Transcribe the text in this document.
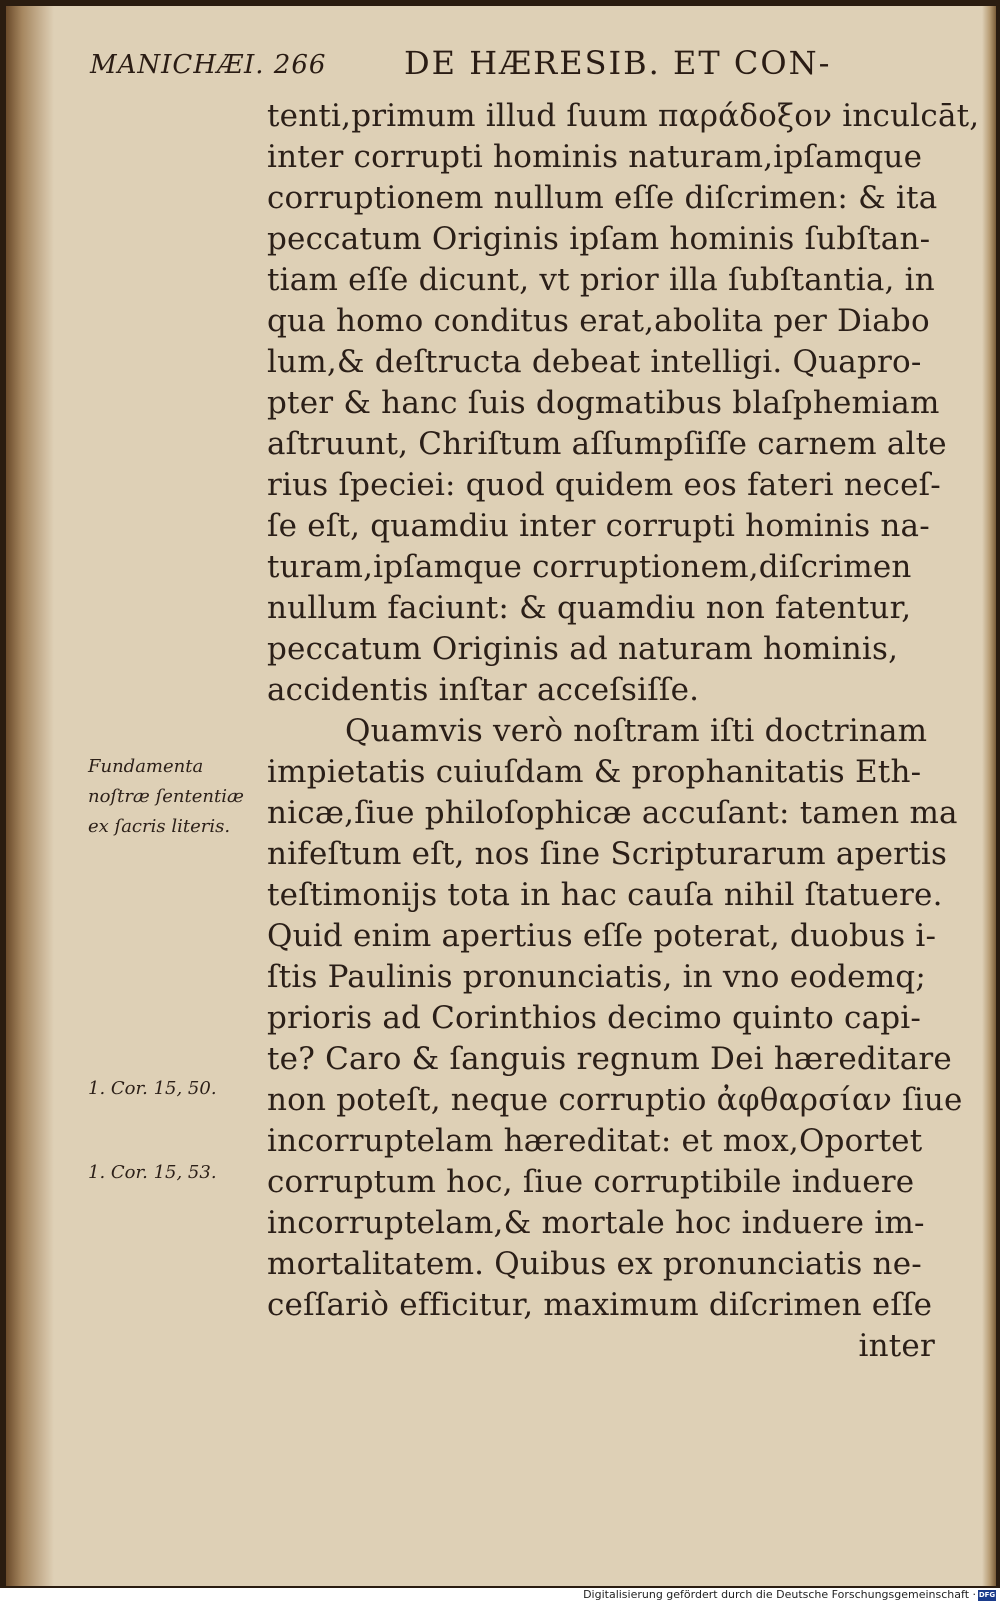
MANICHÆI. 266 DE HÆRESIB. ET CON-
tenti,primum illud ſuum παράδοξον inculcāt,
inter corrupti hominis naturam,ipſamque
corruptionem nullum eſſe diſcrimen: & ita
peccatum Originis ipſam hominis ſubſtan-
tiam eſſe dicunt, vt prior illa ſubſtantia, in
qua homo conditus erat,abolita per Diabo
lum,& deſtructa debeat intelligi. Quapro-
pter & hanc ſuis dogmatibus blaſphemiam
aſtruunt, Chriſtum aſſumpſiſſe carnem alte
rius ſpeciei: quod quidem eos fateri neceſ-
ſe eſt, quamdiu inter corrupti hominis na-
turam,ipſamque corruptionem,diſcrimen
nullum faciunt: & quamdiu non fatentur,
peccatum Originis ad naturam hominis,
accidentis inſtar acceſsiſſe.
Quamvis verò noſtram iſti doctrinam
impietatis cuiuſdam & prophanitatis Eth-
nicæ,ſiue philoſophicæ accuſant: tamen ma
nifeſtum eſt, nos ſine Scripturarum apertis
teſtimonijs tota in hac cauſa nihil ſtatuere.
Quid enim apertius eſſe poterat, duobus i-
ſtis Paulinis pronunciatis, in vno eodemq;
prioris ad Corinthios decimo quinto capi-
te? Caro & ſanguis regnum Dei hæreditare
non poteſt, neque corruptio ἀφθαρσίαν ſiue
incorruptelam hæreditat: et mox,Oportet
corruptum hoc, ſiue corruptibile induere
incorruptelam,& mortale hoc induere im-
mortalitatem. Quibus ex pronunciatis ne-
ceſſariò efficitur, maximum diſcrimen eſſe
inter
Fundamenta
noſtræ ſententiæ
ex ſacris literis.
1. Cor. 15, 50.
1. Cor. 15, 53.
Digitalisierung gefördert durch die Deutsche Forschungsgemeinschaft · DFG
